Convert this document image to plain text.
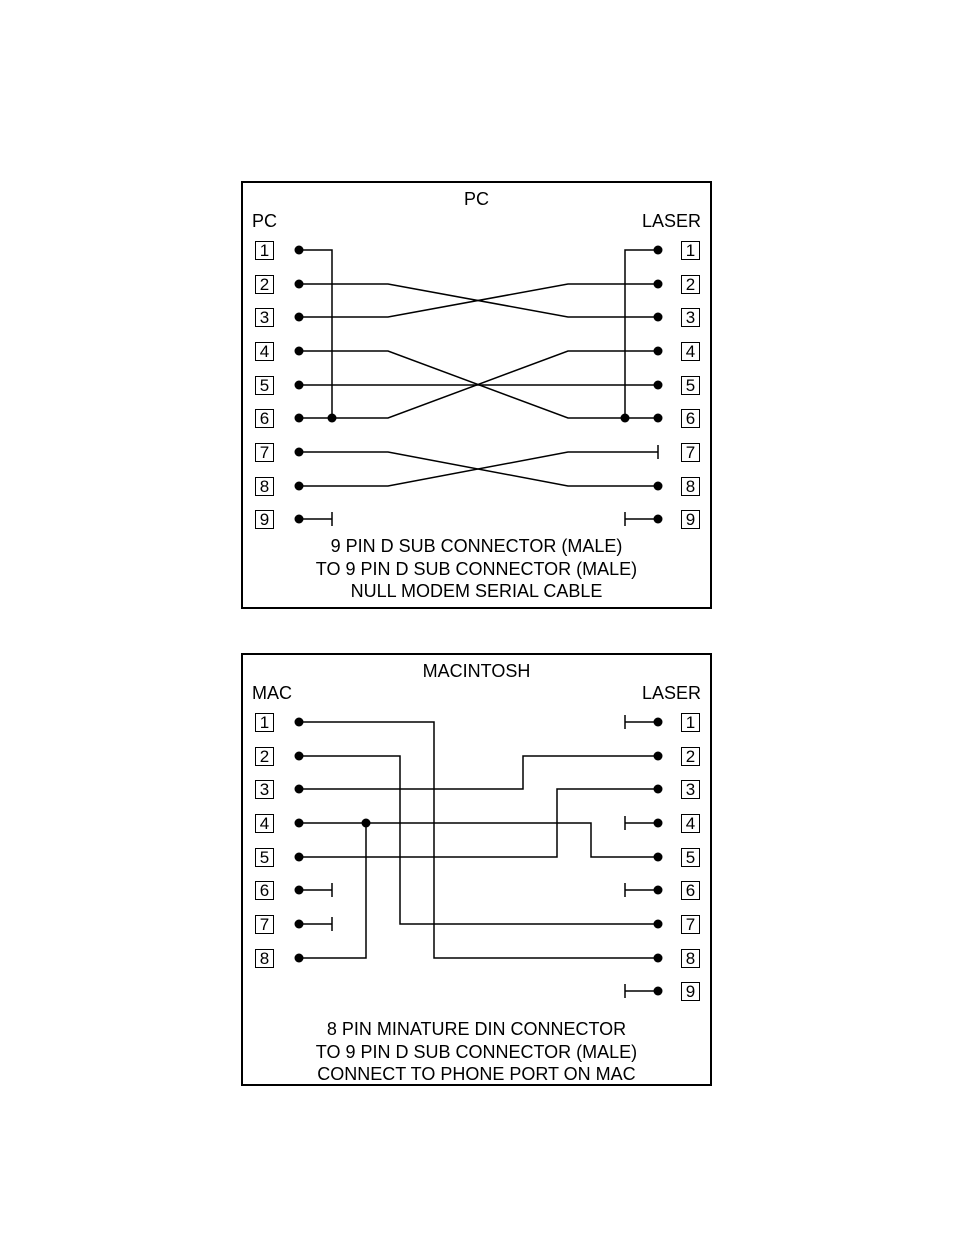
PC
PC	LASER
1
2
3
4
5
6
7
8
9
1
2
3
4
5
6
7
8
9
9 PIN D SUB CONNECTOR (MALE)
TO 9 PIN D SUB CONNECTOR (MALE)
NULL MODEM SERIAL CABLE
MACINTOSH
MAC	LASER
1
2
3
4
5
6
7
8
1
2
3
4
5
6
7
8
9
8 PIN MINATURE DIN CONNECTOR
TO 9 PIN D SUB CONNECTOR (MALE)
CONNECT TO PHONE PORT ON MAC
